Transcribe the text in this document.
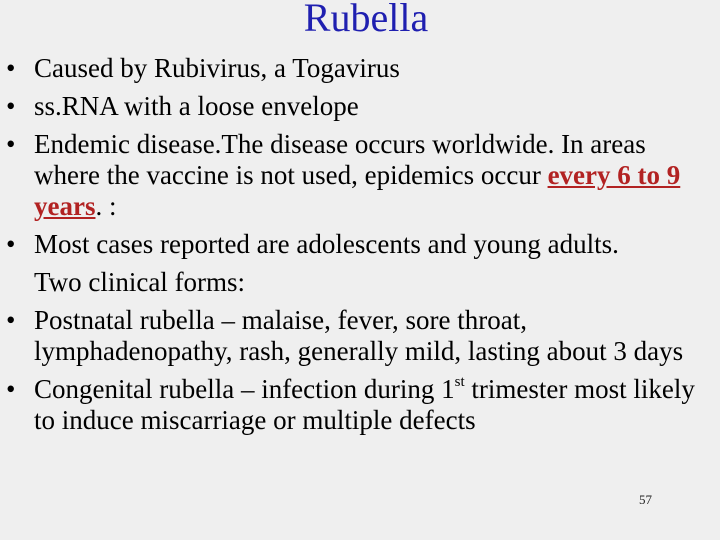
Rubella
• Caused by Rubivirus, a Togavirus
• ss.RNA with a loose envelope
• Endemic disease.The disease occurs worldwide. In areas where the vaccine is not used, epidemics occur every 6 to 9 years. :
• Most cases reported are adolescents and young adults.
Two clinical forms:
• Postnatal rubella – malaise, fever, sore throat, lymphadenopathy, rash, generally mild, lasting about 3 days
• Congenital rubella – infection during 1st trimester most likely to induce miscarriage or multiple defects
57
